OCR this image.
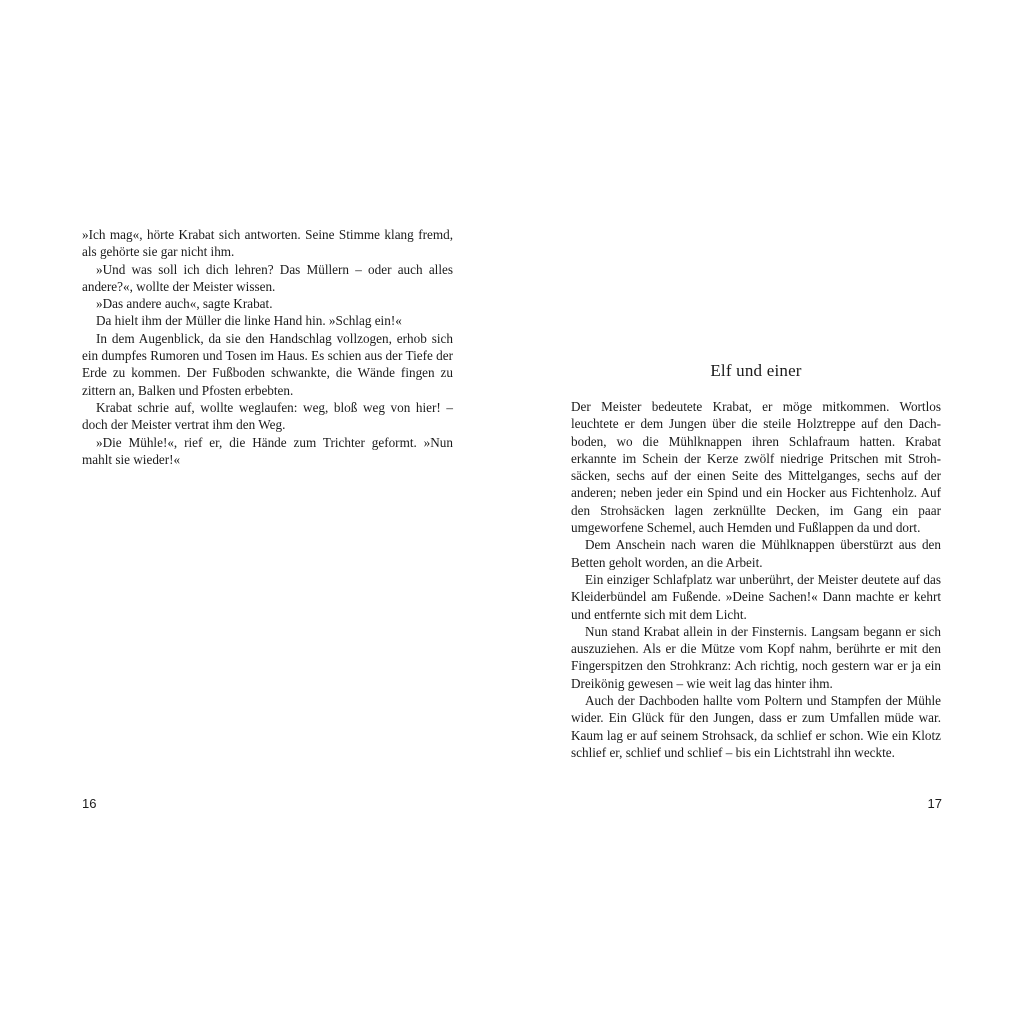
»Ich mag«, hörte Krabat sich antworten. Seine Stimme klang fremd, als gehörte sie gar nicht ihm.

»Und was soll ich dich lehren? Das Müllern – oder auch alles andere?«, wollte der Meister wissen.

»Das andere auch«, sagte Krabat.

Da hielt ihm der Müller die linke Hand hin. »Schlag ein!«

In dem Augenblick, da sie den Handschlag vollzogen, erhob sich ein dumpfes Rumoren und Tosen im Haus. Es schien aus der Tiefe der Erde zu kommen. Der Fußboden schwankte, die Wände fingen zu zittern an, Balken und Pfosten erbebten.

Krabat schrie auf, wollte weglaufen: weg, bloß weg von hier! – doch der Meister vertrat ihm den Weg.

»Die Mühle!«, rief er, die Hände zum Trichter geformt. »Nun mahlt sie wieder!«

16
Elf und einer

Der Meister bedeutete Krabat, er möge mitkommen. Wortlos leuchtete er dem Jungen über die steile Holztreppe auf den Dachboden, wo die Mühlknappen ihren Schlafraum hatten. Krabat erkannte im Schein der Kerze zwölf niedrige Pritschen mit Strohsäcken, sechs auf der einen Seite des Mittelganges, sechs auf der anderen; neben jeder ein Spind und ein Hocker aus Fichtenholz. Auf den Strohsäcken lagen zerknüllte Decken, im Gang ein paar umgeworfene Schemel, auch Hemden und Fußlappen da und dort.

Dem Anschein nach waren die Mühlknappen überstürzt aus den Betten geholt worden, an die Arbeit.

Ein einziger Schlafplatz war unberührt, der Meister deutete auf das Kleiderbündel am Fußende. »Deine Sachen!« Dann machte er kehrt und entfernte sich mit dem Licht.

Nun stand Krabat allein in der Finsternis. Langsam begann er sich auszuziehen. Als er die Mütze vom Kopf nahm, berührte er mit den Fingerspitzen den Strohkranz: Ach richtig, noch gestern war er ja ein Dreikönig gewesen – wie weit lag das hinter ihm.

Auch der Dachboden hallte vom Poltern und Stampfen der Mühle wider. Ein Glück für den Jungen, dass er zum Umfallen müde war. Kaum lag er auf seinem Strohsack, da schlief er schon. Wie ein Klotz schlief er, schlief und schlief – bis ein Lichtstrahl ihn weckte.

17
